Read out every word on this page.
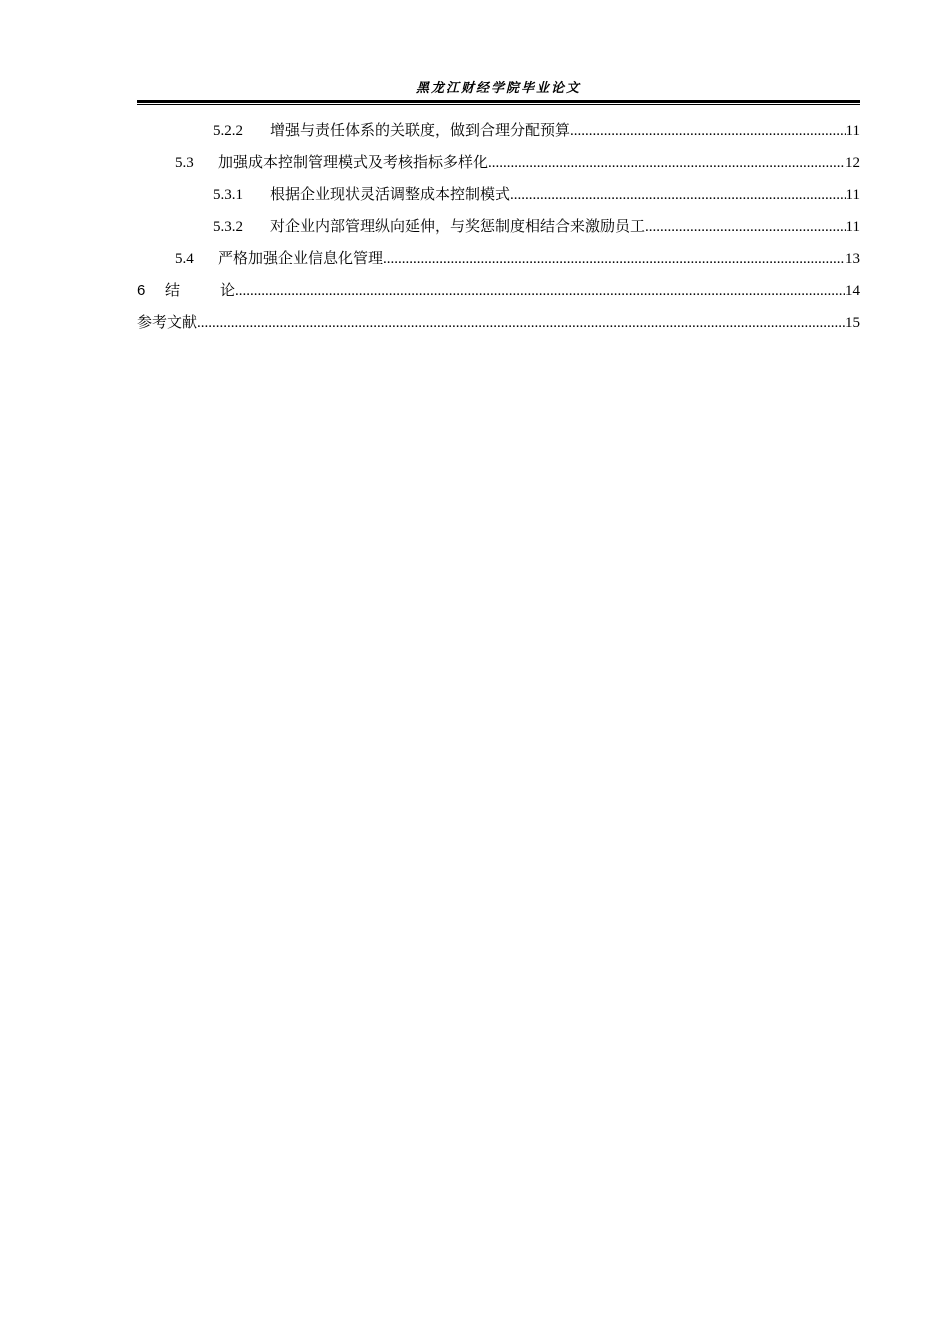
黑龙江财经学院毕业论文
5.2.2	增强与责任体系的关联度，做到合理分配预算 .....	11
5.3	加强成本控制管理模式及考核指标多样化 .....	12
5.3.1	根据企业现状灵活调整成本控制模式 .....	11
5.3.2	对企业内部管理纵向延伸，与奖惩制度相结合来激励员工 .....	11
5.4	严格加强企业信息化管理 .....	13
6	结 论 .....	14
参考文献 .....	15
